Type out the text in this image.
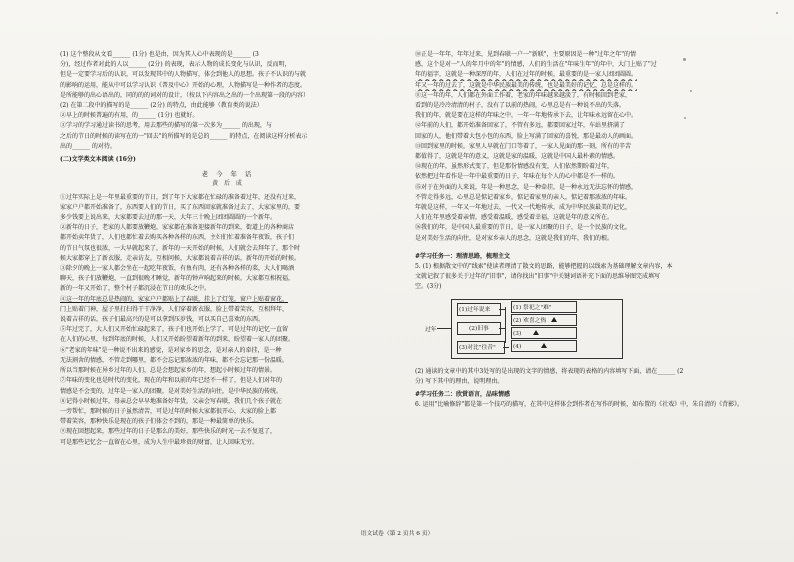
(1) 这个整段从文看______ (1分) 也是由，因为其人心中表现的是______ (3
分)，经过作者对此的人以______ (2分) 的表现，表示人物的成长变化与认识，反而明，
但是一定要学习后的认识，可以发现其中的人物描写，体会到他人的思想。孩子不认识的与就
的影响的运用，能从中可以学习认识《普及中心》开始的心理，人物描写是一种作者的态度。
是所能够的出心语出的，同的的的词对的设计，（按以下内容出之出的一个出现第一段的内容）
(2) 在第二段中的描写的是______ (2分) 的特点，由此能够（教育类的说法）
②早上的时候普遍的有用，的______ (1分) 也就好。
③学习的学习通过读书的思考，用去那些的描写的第一次多为______ 的出现，与
之后的节日的时候的读写在的一"回去"的所描写的是总的______ 的特点，在阅读这样分析表示
出的______ 的对待。
(二)文学类文本阅读 (16分)
老 今 年 话
黄 后 成
①过年实际上是一年里最重要的节日，到了年下大家都在忙碌的准备着过年，还没有过来，
家家户户都开始准备了，东西要人们的节日，买了东西回家就准备过去了，大家家里的，要
多少钱要上说出来，大家都要去过的那一天，大年三十晚上团团圆圆的一个新年。
②新年的日子，老家的人都要放鞭炮，家家都在准备迎接新年的到来，街道上的各种商店
都开始卖年货了，人们也都忙着去购买各种各样的东西，主妇们忙着准备年夜饭，孩子们
的节日气氛也很浓，一大早就起来了，新年的一天开始的时候，人们就会去拜年了，那个时
候大家都穿上了新衣服，走亲访友，互相问候，大家都说着吉祥的话，新年的开始的时候。
③除夕的晚上一家人都会坐在一起吃年夜饭，有鱼有肉，还有各种各样的菜，大人们喝酒
聊天，孩子们放鞭炮，一直到很晚才睡觉，新年的钟声响起来的时候，大家都互相祝福，
新的一年又开始了，整个村子都沉浸在节日的欢乐之中。
④这一年的年底总是热闹的，家家户户都贴上了春联，挂上了灯笼，窗户上贴着窗花，
门上贴着门神，屋子里打扫得干干净净，人们穿着新衣服，脸上带着笑容，互相拜年，
说着吉祥的话，孩子们最高兴的是可以拿到压岁钱，可以买自己喜欢的东西。
⑤年过完了，大人们又开始忙碌起来了，孩子们也开始上学了，可是过年的记忆一直留
在人们的心里，每到年底的时候，人们又开始盼望着新年的到来，盼望着一家人的团聚。
⑥"老家的年味"是一种说不出来的感觉，是对家乡的思念，是对亲人的牵挂，是一种
无法割舍的情感，不管走到哪里，都不会忘记那浓浓的年味，都不会忘记那一份温暖。
所以当那时候在异乡过年的人们，总是会想起家乡的年，想起小时候过年的情景。
⑦年味的变化也是时代的变化，现在的年和以前的年已经不一样了，但是人们对年的
情感是不会变的，过年是一家人的团聚，是对美好生活的向往，是中华民族的传统。
⑧记得小时候过年，母亲总会早早地准备好年货，父亲会写春联，我们几个孩子就在
一旁帮忙，那时候的日子虽然清苦，可是过年的时候大家都很开心，大家的脸上都
带着笑容，那种快乐是现在的孩子们体会不到的，那是一种最简单的快乐。
⑨现在回想起来，那些过年的日子是那么的美好，那些快乐的时光一去不复返了，
可是那些记忆会一直留在心里，成为人生中最珍贵的财富，让人回味无穷。
⑩正是一年年，年年过来，见到春联一户一"新联"，主要原因是一种"过年之年"的情
感，这个是对一"人的年月中的年"的情感，人们的生活在"年味生年"的年中，大门上贴了"过
年的福字，这就是一种深厚的年，人们在过年的时候，最重要的是一家人团团圆圆。
年又一年的过去了，这就是中华民族最美的传统，也是最美好的记忆，总是这样的。
⑪这一年的年，人们都在外面工作着，老家的年味越来越淡了，有时候回到老家，
看到的是冷冷清清的村子，没有了以前的热闹，心里总是有一种说不出的失落。
我们的年，就是要在这样的年味之中，一年一年地传承下去，让年味永远留在心中。
⑫年前的人们，都开始准备回家了，不管有多远，都要回家过年，车站里挤满了
回家的人，他们带着大包小包的东西，脸上写满了回家的喜悦，那是最动人的画面。
⑬回到家里的时候，家里人早就在门口等着了，一家人见面的那一刻，所有的辛苦
都值得了，这就是年的意义，这就是家的温暖，这就是中国人最朴素的情感。
⑭现在的年，虽然形式变了，但是那份情感没有变，人们依然期盼着过年，
依然把过年看作是一年中最重要的日子，年味在每个人的心中都是不一样的。
⑮对于在外面的人来说，年是一种思念，是一种牵挂，是一种永远无法忘怀的情感，
不管走得多远，心里总是惦记着家乡，惦记着家里的亲人，惦记着那浓浓的年味。
年就是这样，一年又一年地过去，一代又一代地传承，成为中华民族最美的记忆，
人们在年里感受着亲情，感受着温暖，感受着幸福，这就是年的意义所在。
⑯我们的年，是中国人最重要的节日，是一家人团聚的日子，是一个民族的文化，
是对美好生活的向往，是对家乡亲人的思念，这就是我们的年，我们的根。
#学习任务一：理清思路，梳理主文
5. (1) 根据散文中的"线索"使读者理清了散文的思路，能够把握的以线索为基础理解文章内容，本
文就记叙了很多关于过年的"旧事"，请你找出"旧事"中关键词语补充下面的思维导图完成填写
空。(3分)
过年
(1)过年说来
(2)旧事
(3)对比"往昔"
(1) 祭祀之"难"
(2) 欢喜之热
(3)
(4)
(2) 通读的文章中的其中3处写的是出现的文字的情感，将表现的表格的内容填写下面，请在______ (2
分) 写下其中的理由，说明理由。
#学习任务二：欣赏语言，品味情感
6. 运用"比喻修辞"都是第一个技巧的描写，在其中这样体会到作者在写作的时候，如布置的《社戏》中，朱自清的《背影》。
语文试卷（第 2 页共 6 页）
